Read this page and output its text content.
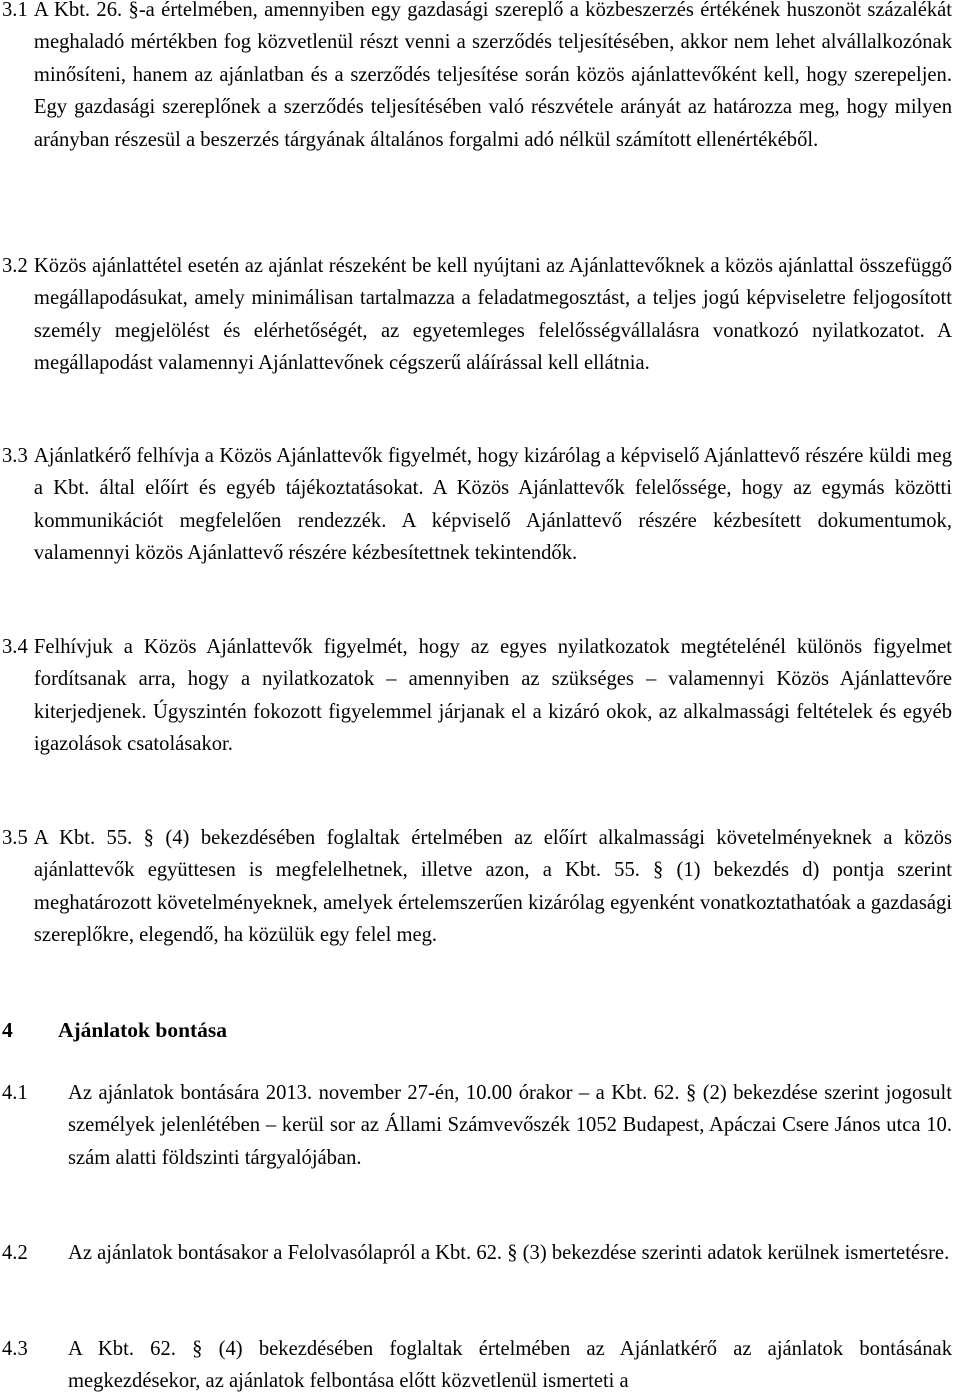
3.1 A Kbt. 26. §-a értelmében, amennyiben egy gazdasági szereplő a közbeszerzés értékének huszonöt százalékát meghaladó mértékben fog közvetlenül részt venni a szerződés teljesítésében, akkor nem lehet alvállalkozónak minősíteni, hanem az ajánlatban és a szerződés teljesítése során közös ajánlattevőként kell, hogy szerepeljen. Egy gazdasági szereplőnek a szerződés teljesítésében való részvétele arányát az határozza meg, hogy milyen arányban részesül a beszerzés tárgyának általános forgalmi adó nélkül számított ellenértékéből.
3.2 Közös ajánlattétel esetén az ajánlat részeként be kell nyújtani az Ajánlattevőknek a közös ajánlattal összefüggő megállapodásukat, amely minimálisan tartalmazza a feladatmegosztást, a teljes jogú képviseletre feljogosított személy megjelölést és elérhetőségét, az egyetemleges felelősségvállalásra vonatkozó nyilatkozatot. A megállapodást valamennyi Ajánlattevőnek cégszerű aláírással kell ellátnia.
3.3 Ajánlatkérő felhívja a Közös Ajánlattevők figyelmét, hogy kizárólag a képviselő Ajánlattevő részére küldi meg a Kbt. által előírt és egyéb tájékoztatásokat. A Közös Ajánlattevők felelőssége, hogy az egymás közötti kommunikációt megfelelően rendezzék. A képviselő Ajánlattevő részére kézbesített dokumentumok, valamennyi közös Ajánlattevő részére kézbesítettnek tekintendők.
3.4 Felhívjuk a Közös Ajánlattevők figyelmét, hogy az egyes nyilatkozatok megtételénél különös figyelmet fordítsanak arra, hogy a nyilatkozatok – amennyiben az szükséges – valamennyi Közös Ajánlattevőre kiterjedjenek. Úgyszintén fokozott figyelemmel járjanak el a kizáró okok, az alkalmassági feltételek és egyéb igazolások csatolásakor.
3.5 A Kbt. 55. § (4) bekezdésében foglaltak értelmében az előírt alkalmassági követelményeknek a közös ajánlattevők együttesen is megfelelhetnek, illetve azon, a Kbt. 55. § (1) bekezdés d) pontja szerint meghatározott követelményeknek, amelyek értelemszerűen kizárólag egyenként vonatkoztathatóak a gazdasági szereplőkre, elegendő, ha közülük egy felel meg.
4	Ajánlatok bontása
4.1	Az ajánlatok bontására 2013. november 27-én, 10.00 órakor – a Kbt. 62. § (2) bekezdése szerint jogosult személyek jelenlétében – kerül sor az Állami Számvevőszék 1052 Budapest, Apáczai Csere János utca 10. szám alatti földszinti tárgyalójában.
4.2	Az ajánlatok bontásakor a Felolvasólapról a Kbt. 62. § (3) bekezdése szerinti adatok kerülnek ismertetésre.
4.3	A Kbt. 62. § (4) bekezdésében foglaltak értelmében az Ajánlatkérő az ajánlatok bontásának megkezdésekor, az ajánlatok felbontása előtt közvetlenül ismerteti a
